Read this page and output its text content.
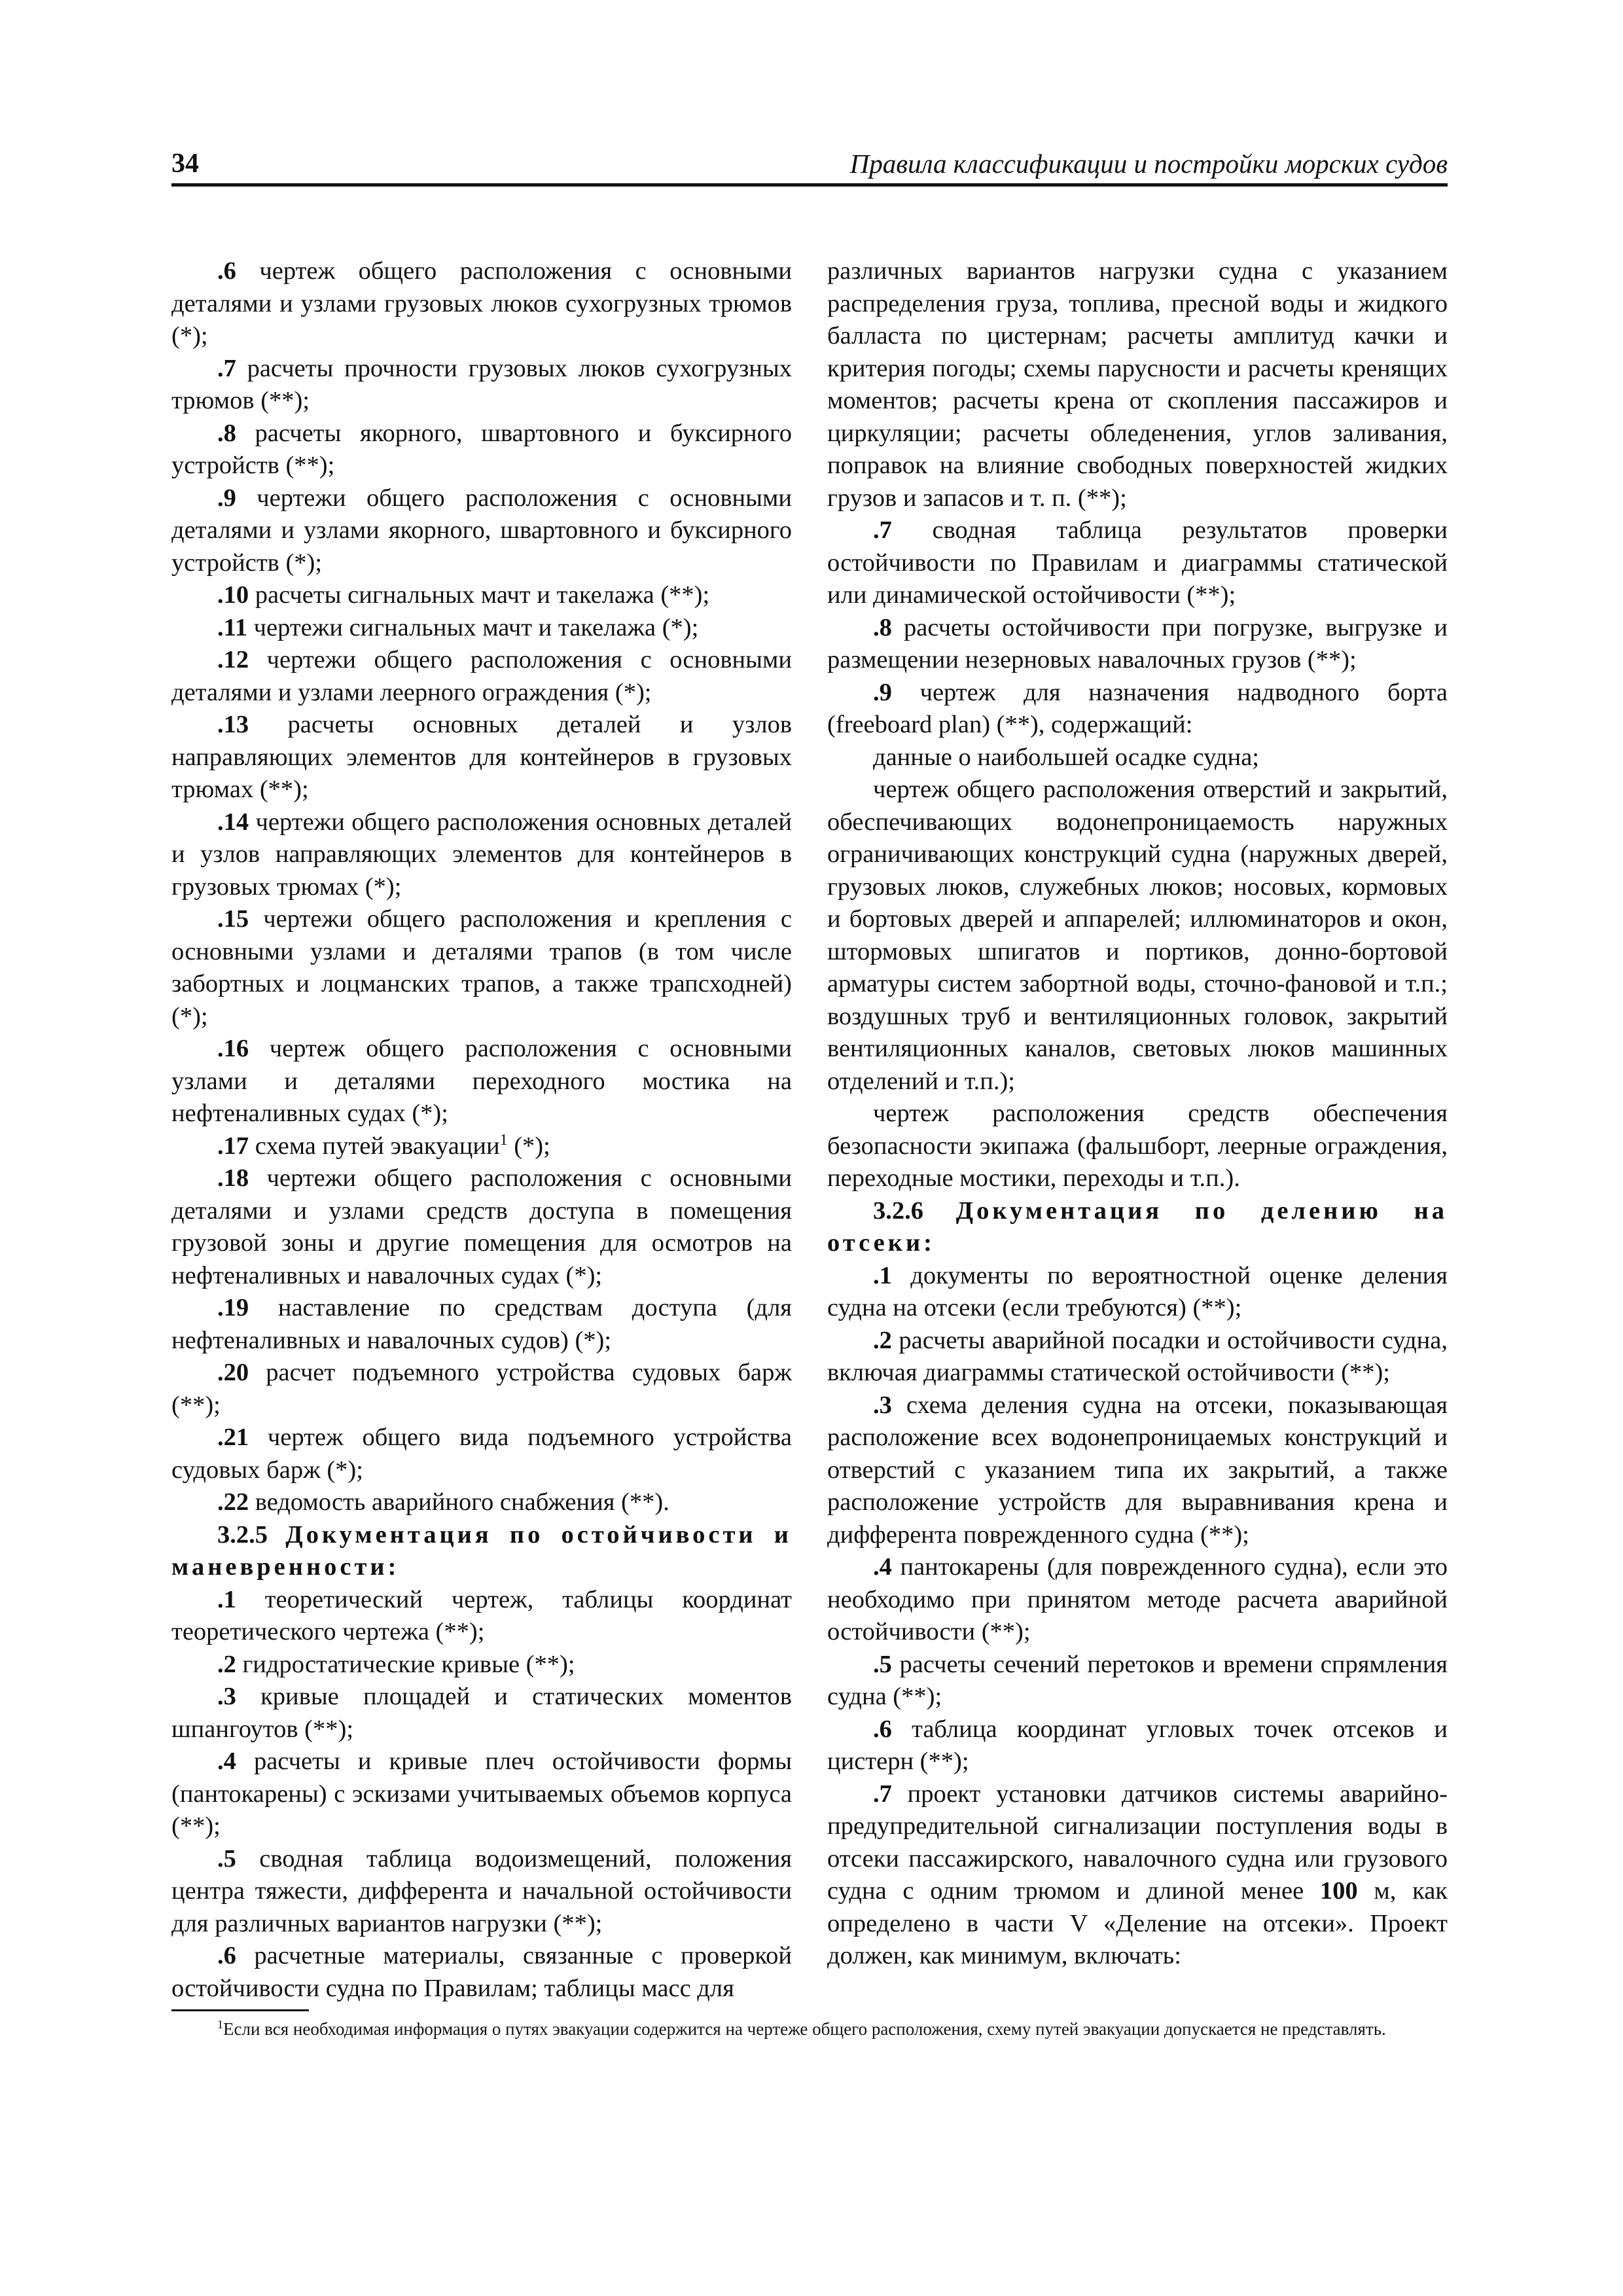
34	Правила классификации и постройки морских судов

.6 чертеж общего расположения с основными деталями и узлами грузовых люков сухогрузных трюмов (*);

.7 расчеты прочности грузовых люков сухогрузных трюмов (**);

.8 расчеты якорного, швартовного и буксирного устройств (**);

.9 чертежи общего расположения с основными деталями и узлами якорного, швартовного и буксирного устройств (*);

.10 расчеты сигнальных мачт и такелажа (**);

.11 чертежи сигнальных мачт и такелажа (*);

.12 чертежи общего расположения с основными деталями и узлами леерного ограждения (*);

.13 расчеты основных деталей и узлов направляющих элементов для контейнеров в грузовых трюмах (**);

.14 чертежи общего расположения основных деталей и узлов направляющих элементов для контейнеров в грузовых трюмах (*);

.15 чертежи общего расположения и крепления с основными узлами и деталями трапов (в том числе забортных и лоцманских трапов, а также трапсходней) (*);

.16 чертеж общего расположения с основными узлами и деталями переходного мостика на нефтеналивных судах (*);

.17 схема путей эвакуации$^1$ (*);

.18 чертежи общего расположения с основными деталями и узлами средств доступа в помещения грузовой зоны и другие помещения для осмотров на нефтеналивных и навалочных судах (*);

.19 наставление по средствам доступа (для нефтеналивных и навалочных судов) (*);

.20 расчет подъемного устройства судовых барж (**);

.21 чертеж общего вида подъемного устройства судовых барж (*);

.22 ведомость аварийного снабжения (**).

3.2.5 Документация по остойчивости и маневренности:

.1 теоретический чертеж, таблицы координат теоретического чертежа (**);

.2 гидростатические кривые (**);

.3 кривые площадей и статических моментов шпангоутов (**);

.4 расчеты и кривые плеч остойчивости формы (пантокарены) с эскизами учитываемых объемов корпуса (**);

.5 сводная таблица водоизмещений, положения центра тяжести, дифферента и начальной остойчивости для различных вариантов нагрузки (**);

.6 расчетные материалы, связанные с проверкой остойчивости судна по Правилам; таблицы масс для

различных вариантов нагрузки судна с указанием распределения груза, топлива, пресной воды и жидкого балласта по цистернам; расчеты амплитуд качки и критерия погоды; схемы парусности и расчеты кренящих моментов; расчеты крена от скопления пассажиров и циркуляции; расчеты обледенения, углов заливания, поправок на влияние свободных поверхностей жидких грузов и запасов и т. п. (**);

.7 сводная таблица результатов проверки остойчивости по Правилам и диаграммы статической или динамической остойчивости (**);

.8 расчеты остойчивости при погрузке, выгрузке и размещении незерновых навалочных грузов (**);

.9 чертеж для назначения надводного борта (freeboard plan) (**), содержащий:

данные о наибольшей осадке судна;

чертеж общего расположения отверстий и закрытий, обеспечивающих водонепроницаемость наружных ограничивающих конструкций судна (наружных дверей, грузовых люков, служебных люков; носовых, кормовых и бортовых дверей и аппарелей; иллюминаторов и окон, штормовых шпигатов и портиков, донно-бортовой арматуры систем забортной воды, сточно-фановой и т.п.; воздушных труб и вентиляционных головок, закрытий вентиляционных каналов, световых люков машинных отделений и т.п.);

чертеж расположения средств обеспечения безопасности экипажа (фальшборт, леерные ограждения, переходные мостики, переходы и т.п.).

3.2.6 Документация по делению на отсеки:

.1 документы по вероятностной оценке деления судна на отсеки (если требуются) (**);

.2 расчеты аварийной посадки и остойчивости судна, включая диаграммы статической остойчивости (**);

.3 схема деления судна на отсеки, показывающая расположение всех водонепроницаемых конструкций и отверстий с указанием типа их закрытий, а также расположение устройств для выравнивания крена и дифферента поврежденного судна (**);

.4 пантокарены (для поврежденного судна), если это необходимо при принятом методе расчета аварийной остойчивости (**);

.5 расчеты сечений перетоков и времени спрямления судна (**);

.6 таблица координат угловых точек отсеков и цистерн (**);

.7 проект установки датчиков системы аварийно-предупредительной сигнализации поступления воды в отсеки пассажирского, навалочного судна или грузового судна с одним трюмом и длиной менее 100 м, как определено в части V «Деление на отсеки». Проект должен, как минимум, включать:

$^1$Если вся необходимая информация о путях эвакуации содержится на чертеже общего расположения, схему путей эвакуации допускается не представлять.
